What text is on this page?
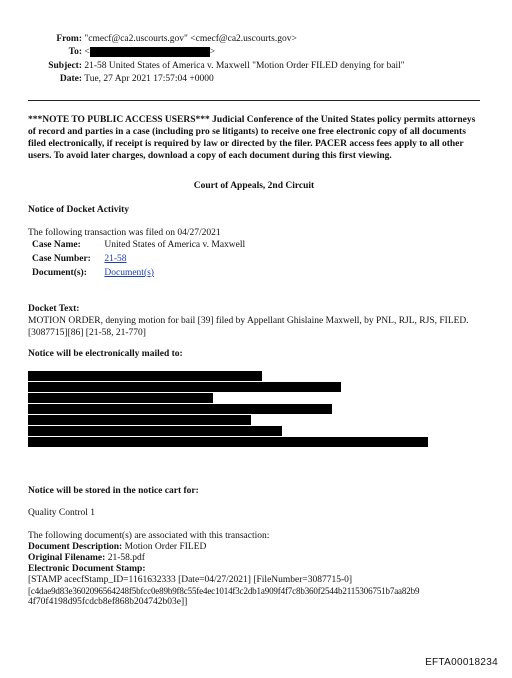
From: "cmecf@ca2.uscourts.gov" <cmecf@ca2.uscourts.gov>
To: <	>
Subject: 21-58 United States of America v. Maxwell "Motion Order FILED denying for bail"
Date: Tue, 27 Apr 2021 17:57:04 +0000
***NOTE TO PUBLIC ACCESS USERS*** Judicial Conference of the United States policy permits attorneys of record and parties in a case (including pro se litigants) to receive one free electronic copy of all documents filed electronically, if receipt is required by law or directed by the filer. PACER access fees apply to all other users. To avoid later charges, download a copy of each document during this first viewing.
Court of Appeals, 2nd Circuit
Notice of Docket Activity
The following transaction was filed on 04/27/2021
Case Name: United States of America v. Maxwell
Case Number: 21-58
Document(s): Document(s)
Docket Text:
MOTION ORDER, denying motion for bail [39] filed by Appellant Ghislaine Maxwell, by PNL, RJL, RJS, FILED. [3087715][86] [21-58, 21-770]
Notice will be electronically mailed to:
Notice will be stored in the notice cart for:
Quality Control 1
The following document(s) are associated with this transaction:
Document Description: Motion Order FILED
Original Filename: 21-58.pdf
Electronic Document Stamp:
[STAMP acecfStamp_ID=1161632333 [Date=04/27/2021] [FileNumber=3087715-0]
[c4dae9d83e3602096564248f5bfcc0e89b9f8c55fe4ec1014f3c2db1a909f4f7c8b360f2544b2115306751b7aa82b9
4f70f4198d95fcdcb8ef868b204742b03e]]
EFTA00018234
